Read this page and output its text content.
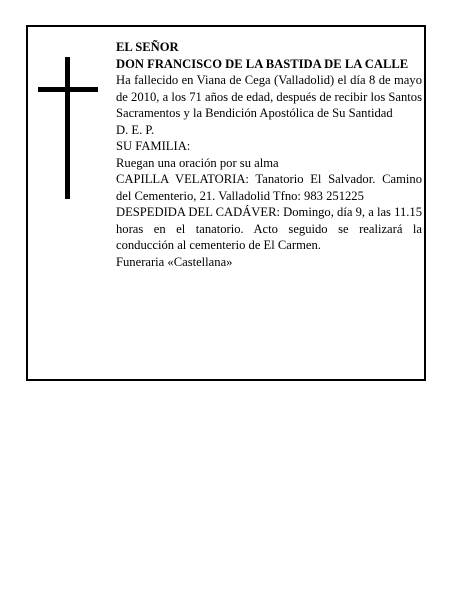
EL SEÑOR
DON FRANCISCO DE LA BASTIDA DE LA CALLE
Ha fallecido en Viana de Cega (Valladolid) el día 8 de mayo de 2010, a los 71 años de edad, después de recibir los Santos Sacramentos y la Bendición Apostólica de Su Santidad
D. E. P.
SU FAMILIA:
Ruegan una oración por su alma
CAPILLA VELATORIA: Tanatorio El Salvador. Camino del Cementerio, 21. Valladolid Tfno: 983 251225
DESPEDIDA DEL CADÁVER: Domingo, día 9, a las 11.15 horas en el tanatorio. Acto seguido se realizará la conducción al cementerio de El Carmen.
Funeraria «Castellana»
